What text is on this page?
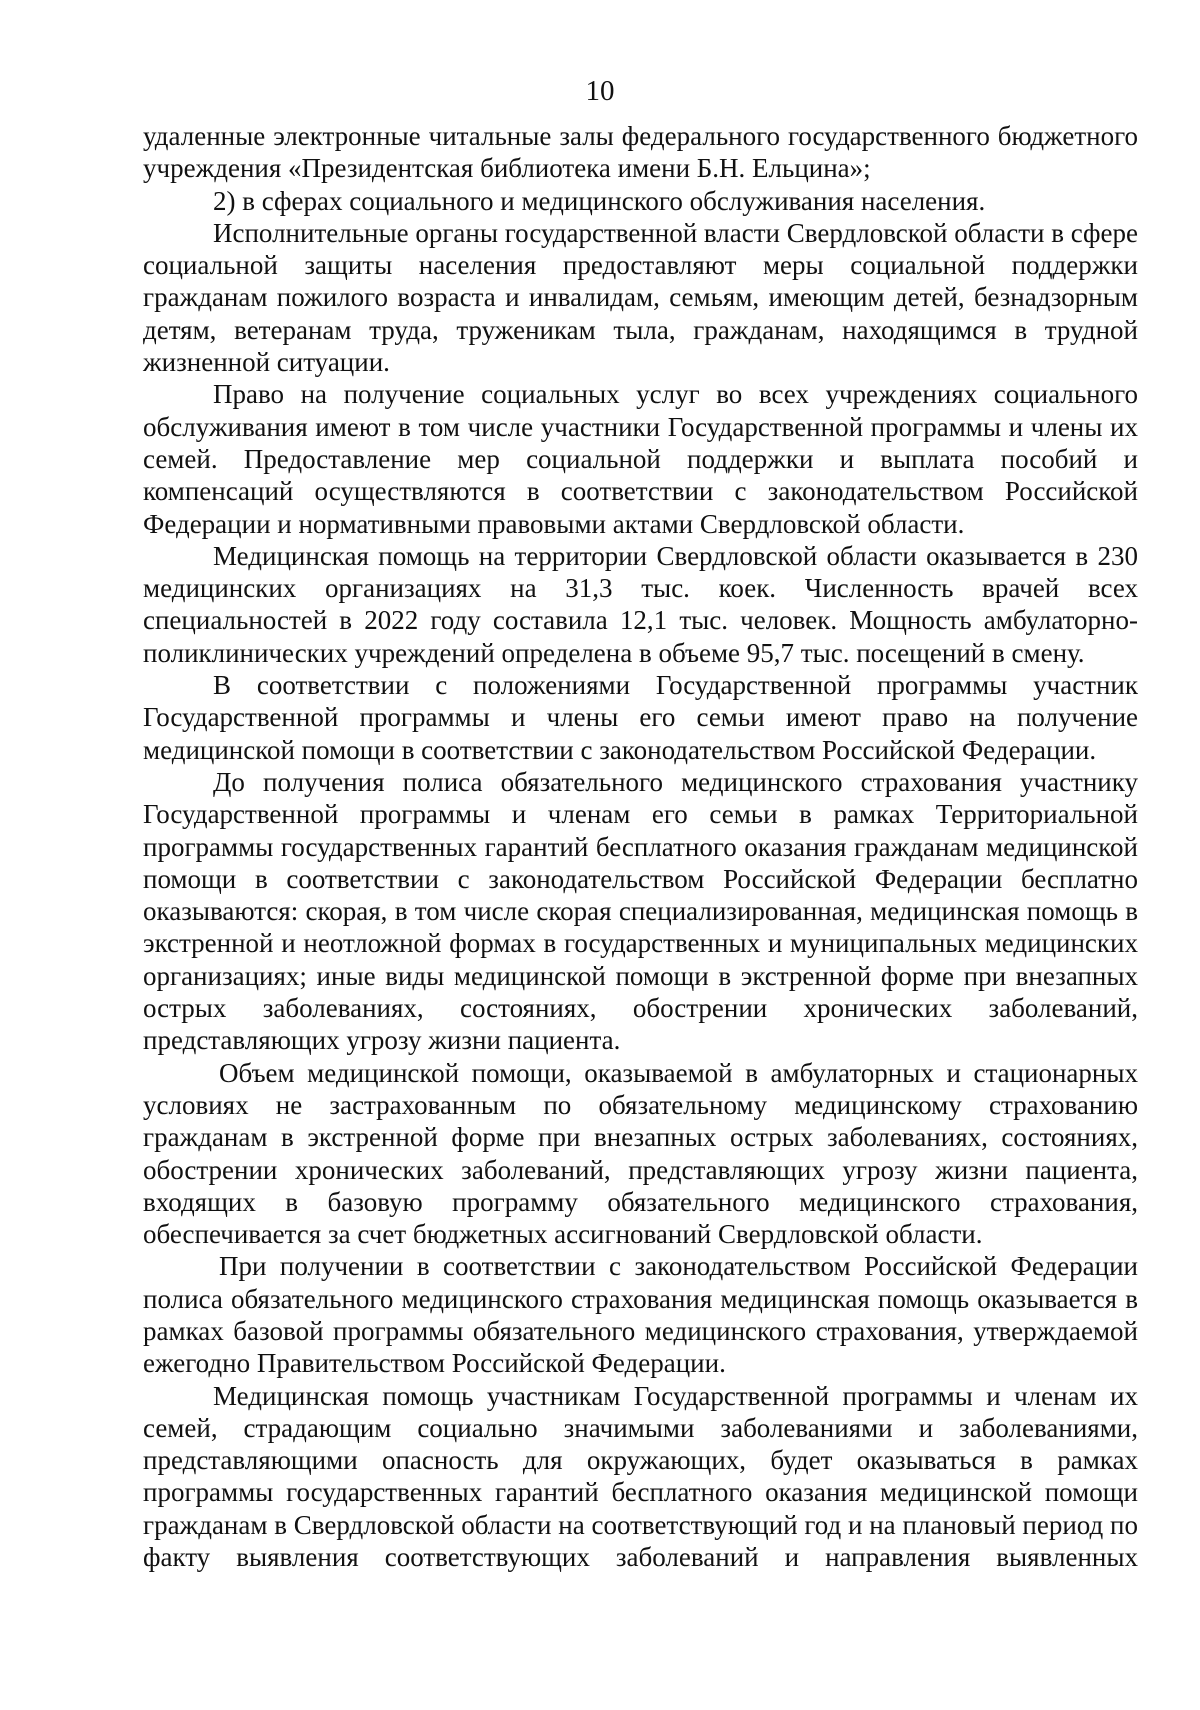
10

удаленные электронные читальные залы федерального государственного бюджетного учреждения «Президентская библиотека имени Б.Н. Ельцина»;

2) в сферах социального и медицинского обслуживания населения.

Исполнительные органы государственной власти Свердловской области в сфере социальной защиты населения предоставляют меры социальной поддержки гражданам пожилого возраста и инвалидам, семьям, имеющим детей, безнадзорным детям, ветеранам труда, труженикам тыла, гражданам, находящимся в трудной жизненной ситуации.

Право на получение социальных услуг во всех учреждениях социального обслуживания имеют в том числе участники Государственной программы и члены их семей. Предоставление мер социальной поддержки и выплата пособий и компенсаций осуществляются в соответствии с законодательством Российской Федерации и нормативными правовыми актами Свердловской области.

Медицинская помощь на территории Свердловской области оказывается в 230 медицинских организациях на 31,3 тыс. коек. Численность врачей всех специальностей в 2022 году составила 12,1 тыс. человек. Мощность амбулаторно-поликлинических учреждений определена в объеме 95,7 тыс. посещений в смену.

В соответствии с положениями Государственной программы участник Государственной программы и члены его семьи имеют право на получение медицинской помощи в соответствии с законодательством Российской Федерации.

До получения полиса обязательного медицинского страхования участнику Государственной программы и членам его семьи в рамках Территориальной программы государственных гарантий бесплатного оказания гражданам медицинской помощи в соответствии с законодательством Российской Федерации бесплатно оказываются: скорая, в том числе скорая специализированная, медицинская помощь в экстренной и неотложной формах в государственных и муниципальных медицинских организациях; иные виды медицинской помощи в экстренной форме при внезапных острых заболеваниях, состояниях, обострении хронических заболеваний, представляющих угрозу жизни пациента.

Объем медицинской помощи, оказываемой в амбулаторных и стационарных условиях не застрахованным по обязательному медицинскому страхованию гражданам в экстренной форме при внезапных острых заболеваниях, состояниях, обострении хронических заболеваний, представляющих угрозу жизни пациента, входящих в базовую программу обязательного медицинского страхования, обеспечивается за счет бюджетных ассигнований Свердловской области.

При получении в соответствии с законодательством Российской Федерации полиса обязательного медицинского страхования медицинская помощь оказывается в рамках базовой программы обязательного медицинского страхования, утверждаемой ежегодно Правительством Российской Федерации.

Медицинская помощь участникам Государственной программы и членам их семей, страдающим социально значимыми заболеваниями и заболеваниями, представляющими опасность для окружающих, будет оказываться в рамках программы государственных гарантий бесплатного оказания медицинской помощи гражданам в Свердловской области на соответствующий год и на плановый период по факту выявления соответствующих заболеваний и направления выявленных
